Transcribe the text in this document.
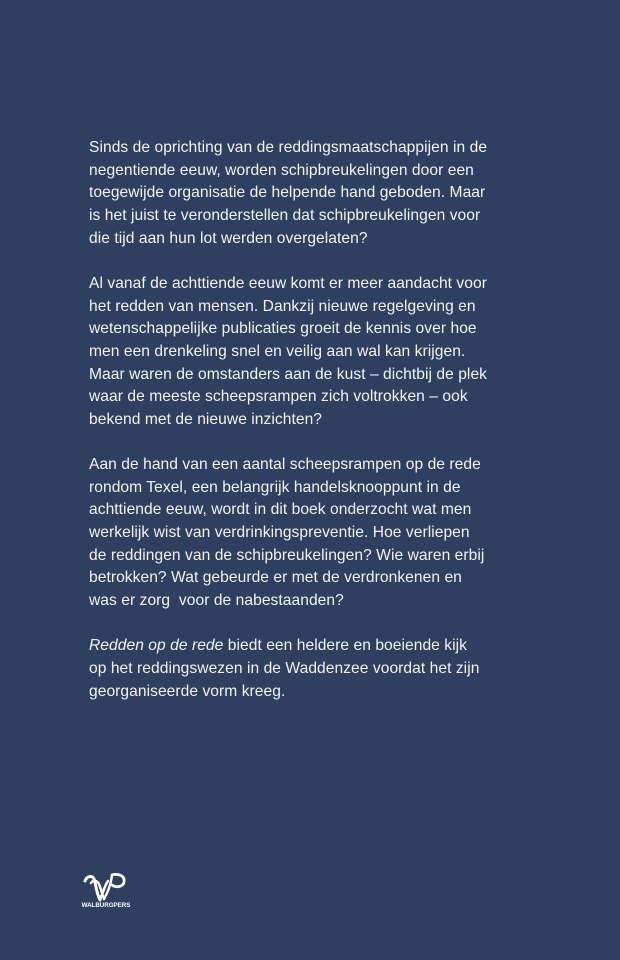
Sinds de oprichting van de reddingsmaatschappijen in de
negentiende eeuw, worden schipbreukelingen door een
toegewijde organisatie de helpende hand geboden. Maar
is het juist te veronderstellen dat schipbreukelingen voor
die tijd aan hun lot werden overgelaten?

Al vanaf de achttiende eeuw komt er meer aandacht voor
het redden van mensen. Dankzij nieuwe regelgeving en
wetenschappelijke publicaties groeit de kennis over hoe
men een drenkeling snel en veilig aan wal kan krijgen.
Maar waren de omstanders aan de kust – dichtbij de plek
waar de meeste scheepsrampen zich voltrokken – ook
bekend met de nieuwe inzichten?

Aan de hand van een aantal scheepsrampen op de rede
rondom Texel, een belangrijk handelsknooppunt in de
achttiende eeuw, wordt in dit boek onderzocht wat men
werkelijk wist van verdrinkingspreventie. Hoe verliepen
de reddingen van de schipbreukelingen? Wie waren erbij
betrokken? Wat gebeurde er met de verdronkenen en
was er zorg  voor de nabestaanden?

Redden op de rede biedt een heldere en boeiende kijk
op het reddingswezen in de Waddenzee voordat het zijn
georganiseerde vorm kreeg.

WALBURGPERS
